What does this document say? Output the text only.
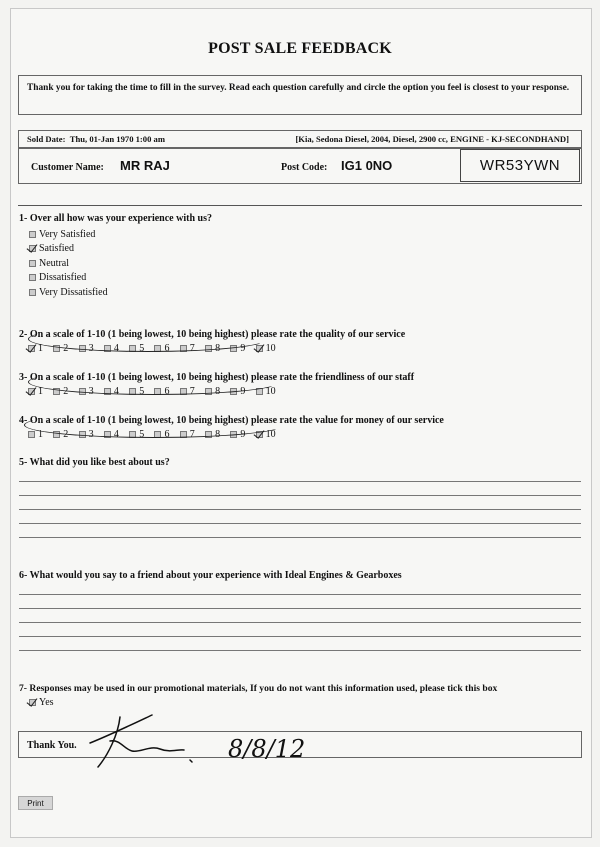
POST SALE FEEDBACK
Thank you for taking the time to fill in the survey. Read each question carefully and circle the option you feel is closest to your response.
Sold Date: Thu, 01-Jan 1970 1:00 am	[Kia, Sedona Diesel, 2004, Diesel, 2900 cc, ENGINE - KJ-SECONDHAND]
Customer Name: MR RAJ	Post Code: IG1 0NO	WR53YWN
1- Over all how was your experience with us?
Very Satisfied
Satisfied
Neutral
Dissatisfied
Very Dissatisfied
2- On a scale of 1-10 (1 being lowest, 10 being highest) please rate the quality of our service
1 2 3 4 5 6 7 8 9 10
3- On a scale of 1-10 (1 being lowest, 10 being highest) please rate the friendliness of our staff
1 2 3 4 5 6 7 8 9 10
4- On a scale of 1-10 (1 being lowest, 10 being highest) please rate the value for money of our service
1 2 3 4 5 6 7 8 9 10
5- What did you like best about us?
6- What would you say to a friend about your experience with Ideal Engines & Gearboxes
7- Responses may be used in our promotional materials, If you do not want this information used, please tick this box
Yes
Thank You.	8/8/12
Print
